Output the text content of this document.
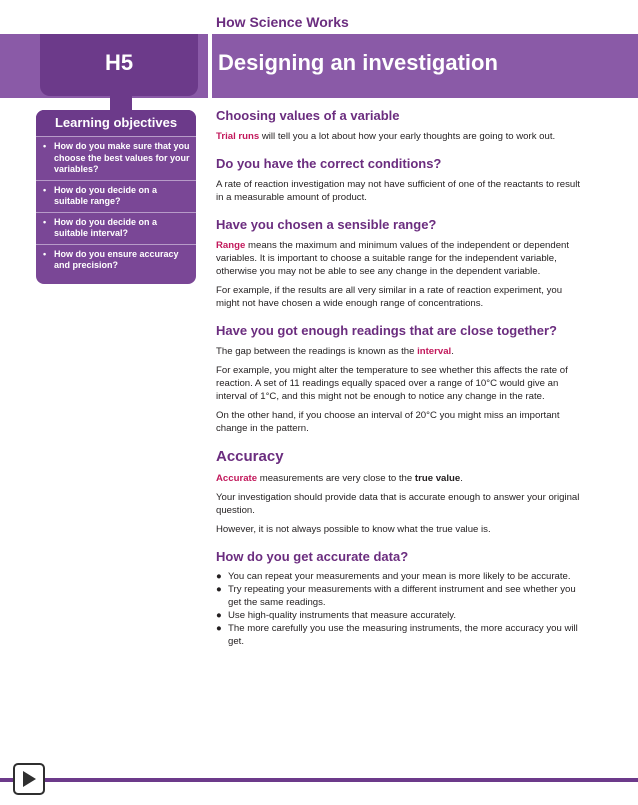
How Science Works
H5	Designing an investigation
Learning objectives
• How do you make sure that you choose the best values for your variables?
• How do you decide on a suitable range?
• How do you decide on a suitable interval?
• How do you ensure accuracy and precision?
Choosing values of a variable

Trial runs will tell you a lot about how your early thoughts are going to work out.

Do you have the correct conditions?

A rate of reaction investigation may not have sufficient of one of the reactants to result in a measurable amount of product.

Have you chosen a sensible range?

Range means the maximum and minimum values of the independent or dependent variables. It is important to choose a suitable range for the independent variable, otherwise you may not be able to see any change in the dependent variable.

For example, if the results are all very similar in a rate of reaction experiment, you might not have chosen a wide enough range of concentrations.

Have you got enough readings that are close together?

The gap between the readings is known as the interval.

For example, you might alter the temperature to see whether this affects the rate of reaction. A set of 11 readings equally spaced over a range of 10°C would give an interval of 1°C, and this might not be enough to notice any change in the rate.

On the other hand, if you choose an interval of 20°C you might miss an important change in the pattern.

Accuracy

Accurate measurements are very close to the true value.

Your investigation should provide data that is accurate enough to answer your original question.

However, it is not always possible to know what the true value is.

How do you get accurate data?
● You can repeat your measurements and your mean is more likely to be accurate.
● Try repeating your measurements with a different instrument and see whether you get the same readings.
● Use high-quality instruments that measure accurately.
● The more carefully you use the measuring instruments, the more accuracy you will get.
